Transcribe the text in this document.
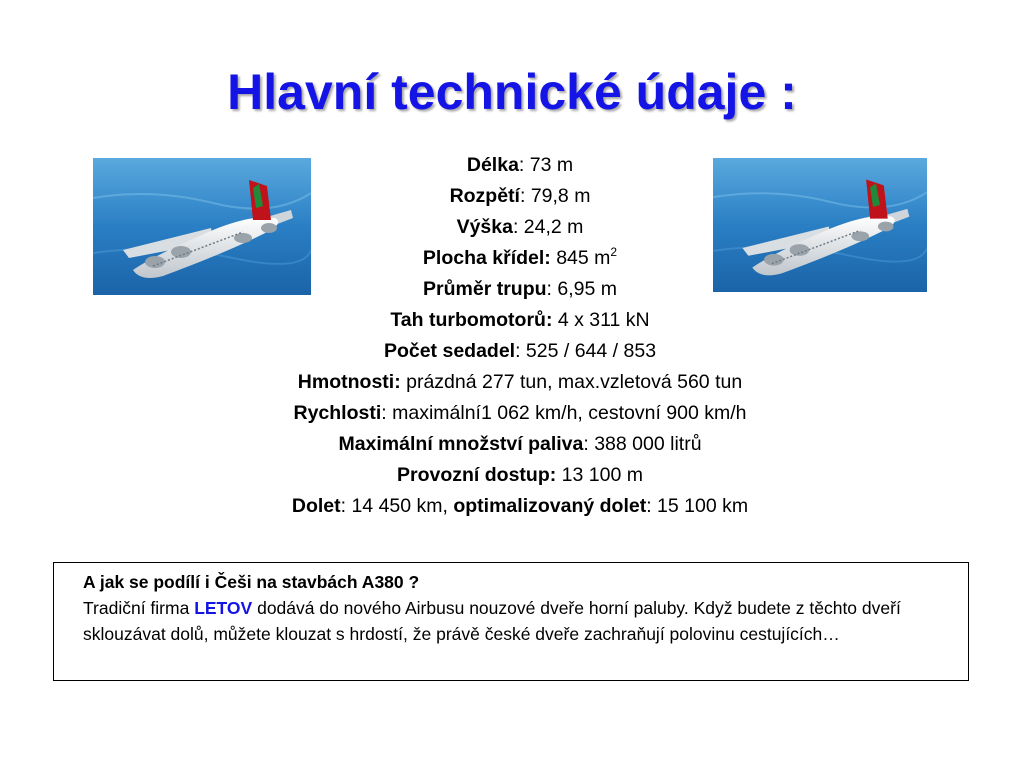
Hlavní technické údaje :
Délka: 73 m
Rozpětí: 79,8 m
Výška: 24,2 m
Plocha křídel: 845 $m^2$
Průměr trupu: 6,95 m
Tah turbomotorů: 4 x 311 kN
Počet sedadel: 525 / 644 / 853
Hmotnosti: prázdná 277 tun, max.vzletová 560 tun
Rychlosti: maximální1 062 km/h, cestovní 900 km/h
Maximální množství paliva: 388 000 litrů
Provozní dostup: 13 100 m
Dolet: 14 450 km, optimalizovaný dolet: 15 100 km
A jak se podílí i Češi na stavbách A380 ?
Tradiční firma LETOV dodává do nového Airbusu nouzové dveře horní paluby. Když budete z těchto dveří sklouzávat dolů, můžete klouzat s hrdostí, že právě české dveře zachraňují polovinu cestujících…
